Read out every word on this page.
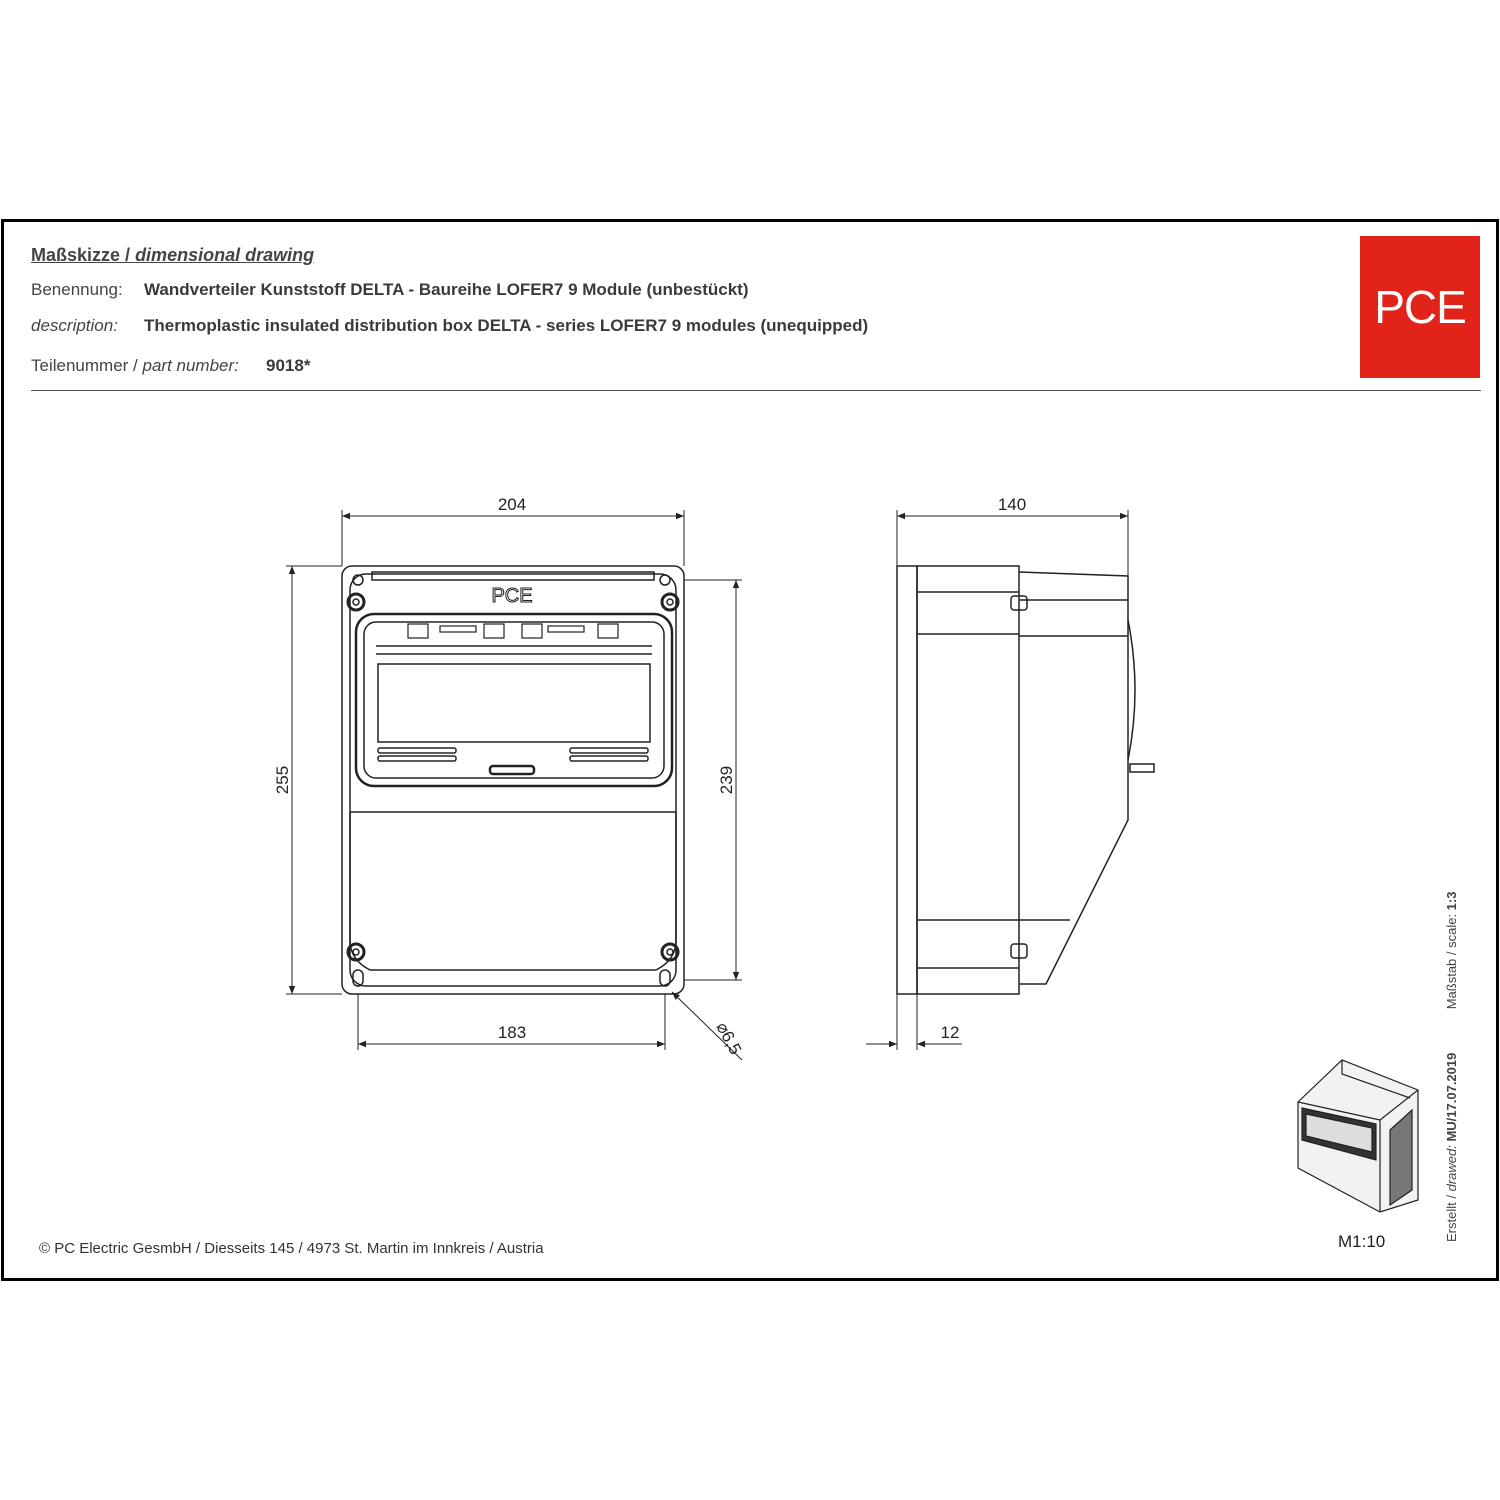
Maßskizze / dimensional drawing
Benennung: Wandverteiler Kunststoff DELTA - Baureihe LOFER7 9 Module (unbestückt)
description: Thermoplastic insulated distribution box DELTA - series LOFER7 9 modules (unequipped)
Teilenummer / part number: 9018*
PCE
© PC Electric GesmbH / Diesseits 145 / 4973 St. Martin im Innkreis / Austria	M1:10	Erstellt / drawed: MU/17.07.2019            Maßstab / scale: 1:3
PCE
204
255	239
183	⌀6,5
140
12
